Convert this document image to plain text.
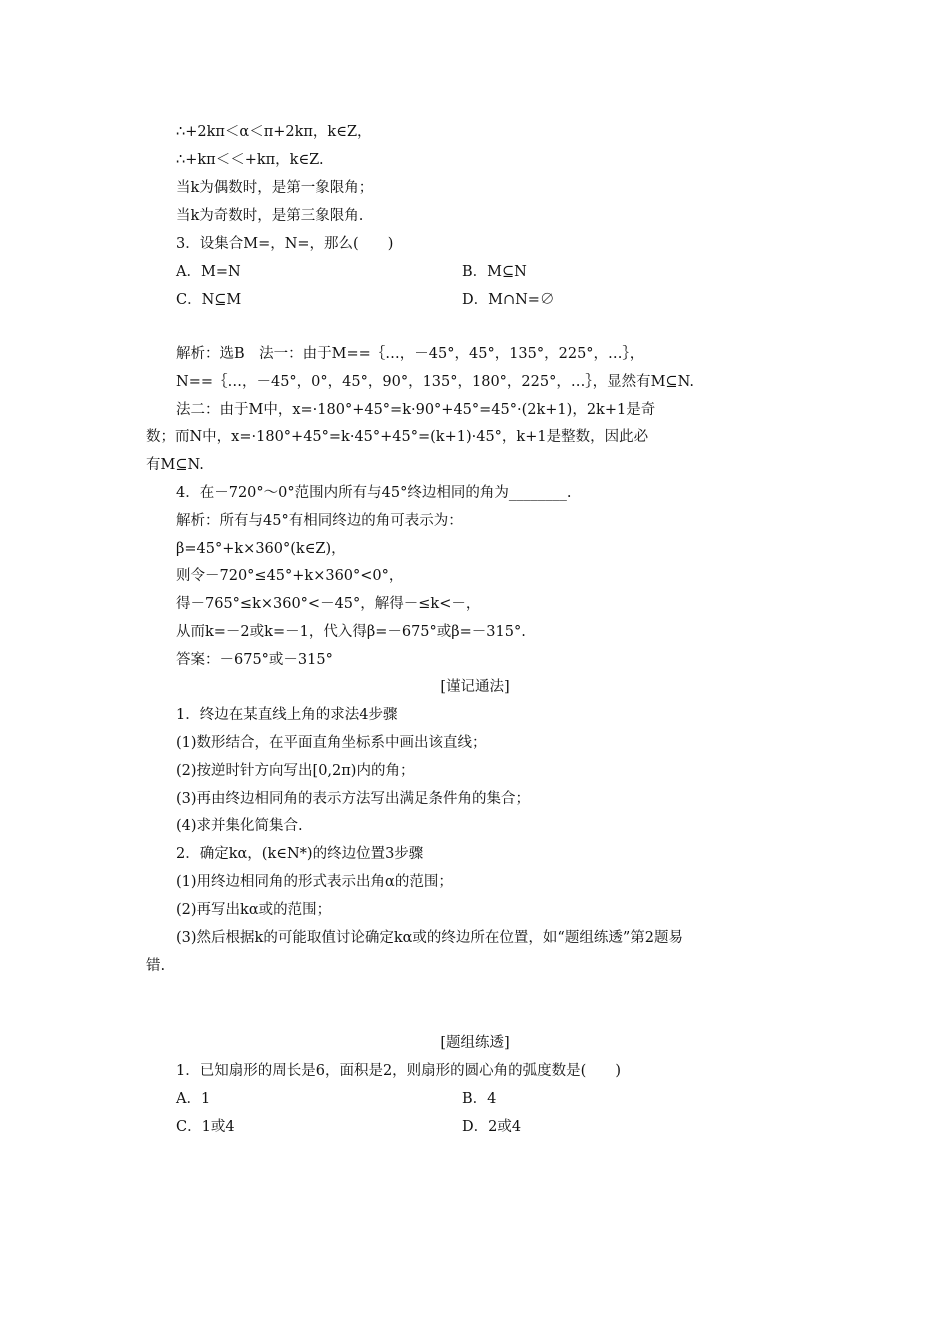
∴+2kπ＜α＜π+2kπ，k∈Z，
∴+kπ＜＜+kπ，k∈Z.
当k为偶数时，是第一象限角；
当k为奇数时，是第三象限角.
3．设集合M=，N=，那么(　　)
A．M=N	B．M⊆N
C．N⊆M	D．M∩N=∅
解析：选B　法一：由于M==｛…，－45°，45°，135°，225°，…｝，
N==｛…，－45°，0°，45°，90°，135°，180°，225°，…｝，显然有M⊆N.
法二：由于M中，x=·180°+45°=k·90°+45°=45°·(2k+1)，2k+1是奇
数；而N中，x=·180°+45°=k·45°+45°=(k+1)·45°，k+1是整数，因此必
有M⊆N.
4．在－720°～0°范围内所有与45°终边相同的角为________.
解析：所有与45°有相同终边的角可表示为：
β=45°+k×360°(k∈Z)，
则令－720°≤45°+k×360°<0°，
得－765°≤k×360°<－45°，解得－≤k<－，
从而k=－2或k=－1，代入得β=－675°或β=－315°.
答案：－675°或－315°
[谨记通法]
1．终边在某直线上角的求法4步骤
(1)数形结合，在平面直角坐标系中画出该直线；
(2)按逆时针方向写出[0,2π)内的角；
(3)再由终边相同角的表示方法写出满足条件角的集合；
(4)求并集化简集合.
2．确定kα，(k∈N*)的终边位置3步骤
(1)用终边相同角的形式表示出角α的范围；
(2)再写出kα或的范围；
(3)然后根据k的可能取值讨论确定kα或的终边所在位置，如“题组练透”第2题易
错.
[题组练透]
1．已知扇形的周长是6，面积是2，则扇形的圆心角的弧度数是(　　)
A．1	B．4
C．1或4	D．2或4
